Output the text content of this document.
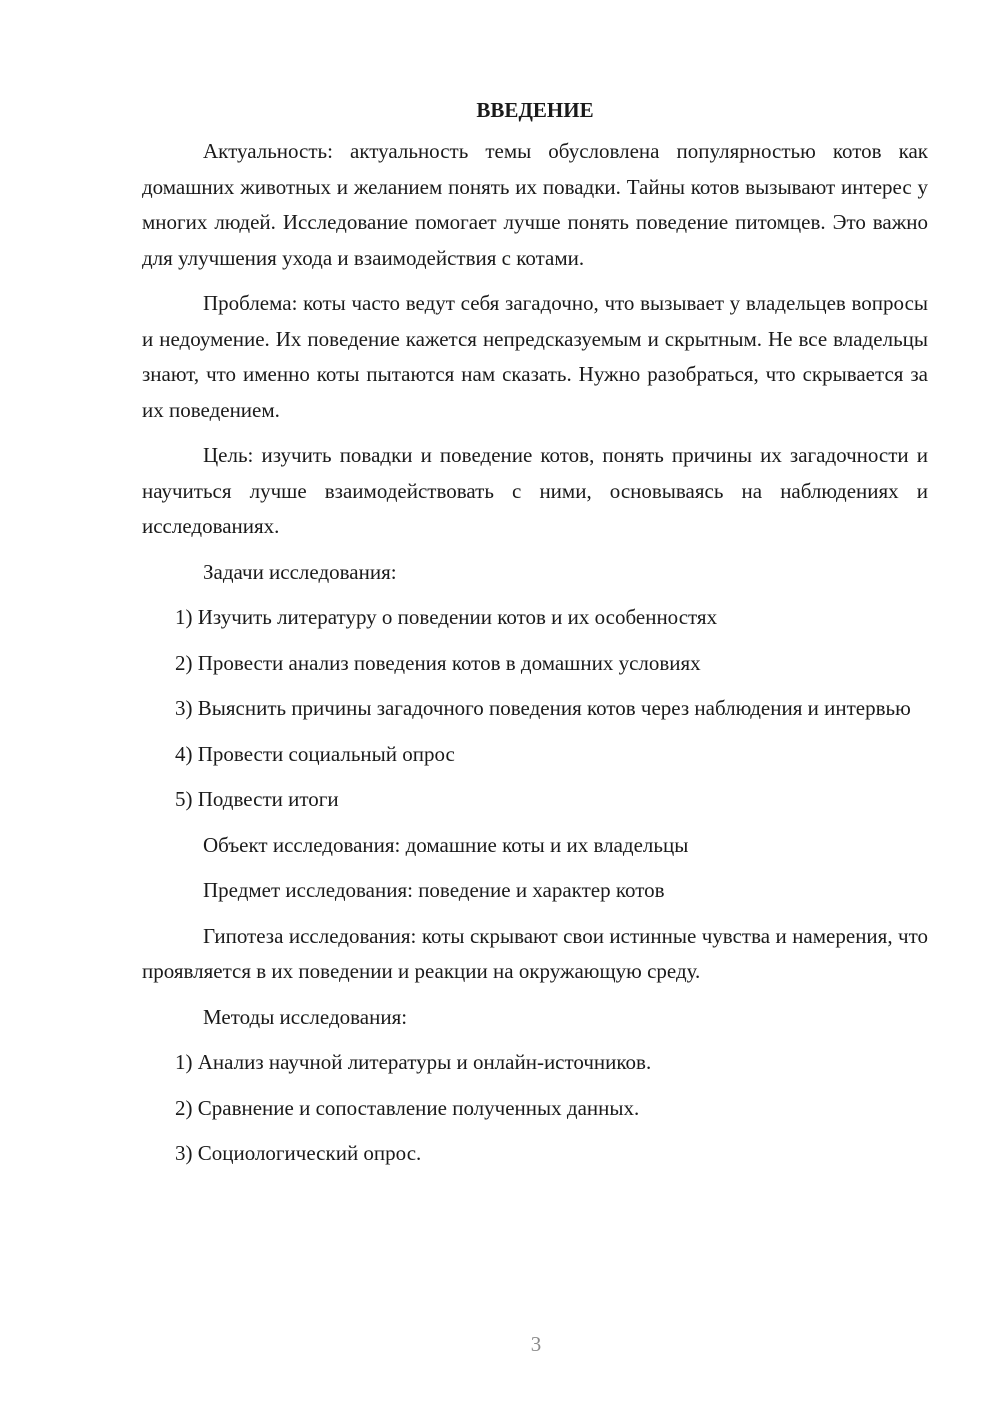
ВВЕДЕНИЕ

Актуальность: актуальность темы обусловлена популярностью котов как домашних животных и желанием понять их повадки. Тайны котов вызывают интерес у многих людей. Исследование помогает лучше понять поведение питомцев. Это важно для улучшения ухода и взаимодействия с котами.

Проблема: коты часто ведут себя загадочно, что вызывает у владельцев вопросы и недоумение. Их поведение кажется непредсказуемым и скрытным. Не все владельцы знают, что именно коты пытаются нам сказать. Нужно разобраться, что скрывается за их поведением.

Цель: изучить повадки и поведение котов, понять причины их загадочности и научиться лучше взаимодействовать с ними, основываясь на наблюдениях и исследованиях.

Задачи исследования:

1) Изучить литературу о поведении котов и их особенностях

2) Провести анализ поведения котов в домашних условиях

3) Выяснить причины загадочного поведения котов через наблюдения и интервью

4) Провести социальный опрос

5) Подвести итоги

Объект исследования: домашние коты и их владельцы

Предмет исследования: поведение и характер котов

Гипотеза исследования: коты скрывают свои истинные чувства и намерения, что проявляется в их поведении и реакции на окружающую среду.

Методы исследования:

1) Анализ научной литературы и онлайн-источников.

2) Сравнение и сопоставление полученных данных.

3) Социологический опрос.

3
